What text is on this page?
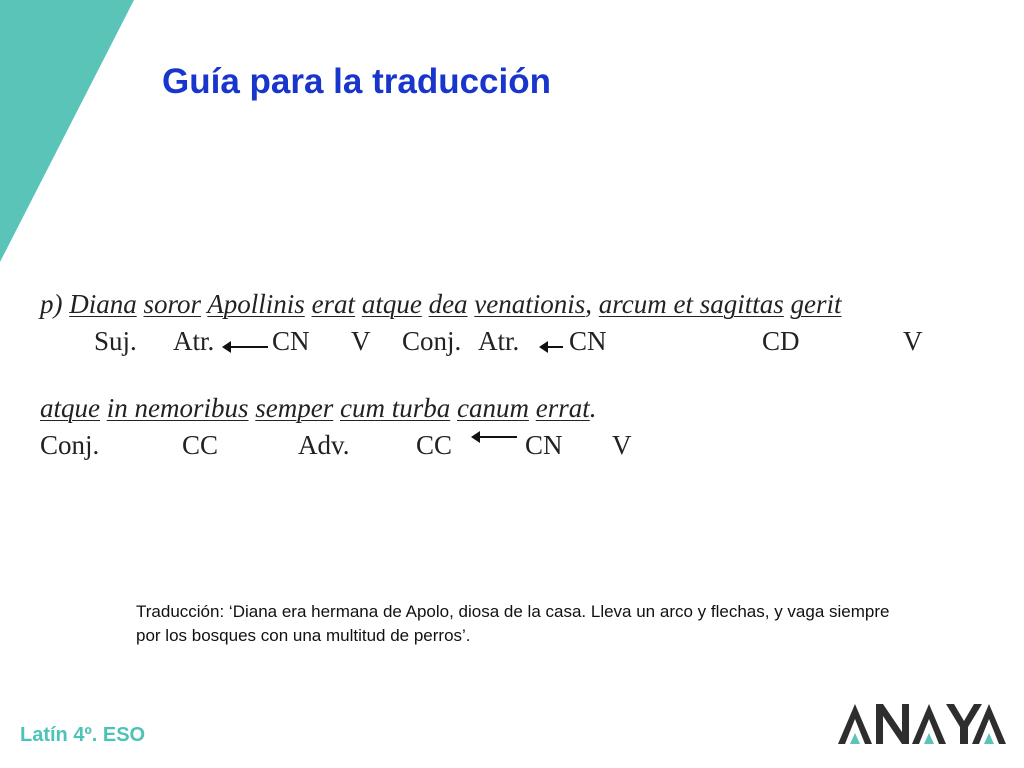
Guía para la traducción
p) Diana soror Apollinis erat atque dea venationis, arcum et sagittas gerit
Suj. Atr. CN V Conj. Atr. CN	CD	V
atque in nemoribus semper cum turba canum errat.
Conj.	CC	Adv. CC	CN V
Traducción: ‘Diana era hermana de Apolo, diosa de la casa. Lleva un arco y flechas, y vaga siempre por los bosques con una multitud de perros’.
Latín 4º. ESO
